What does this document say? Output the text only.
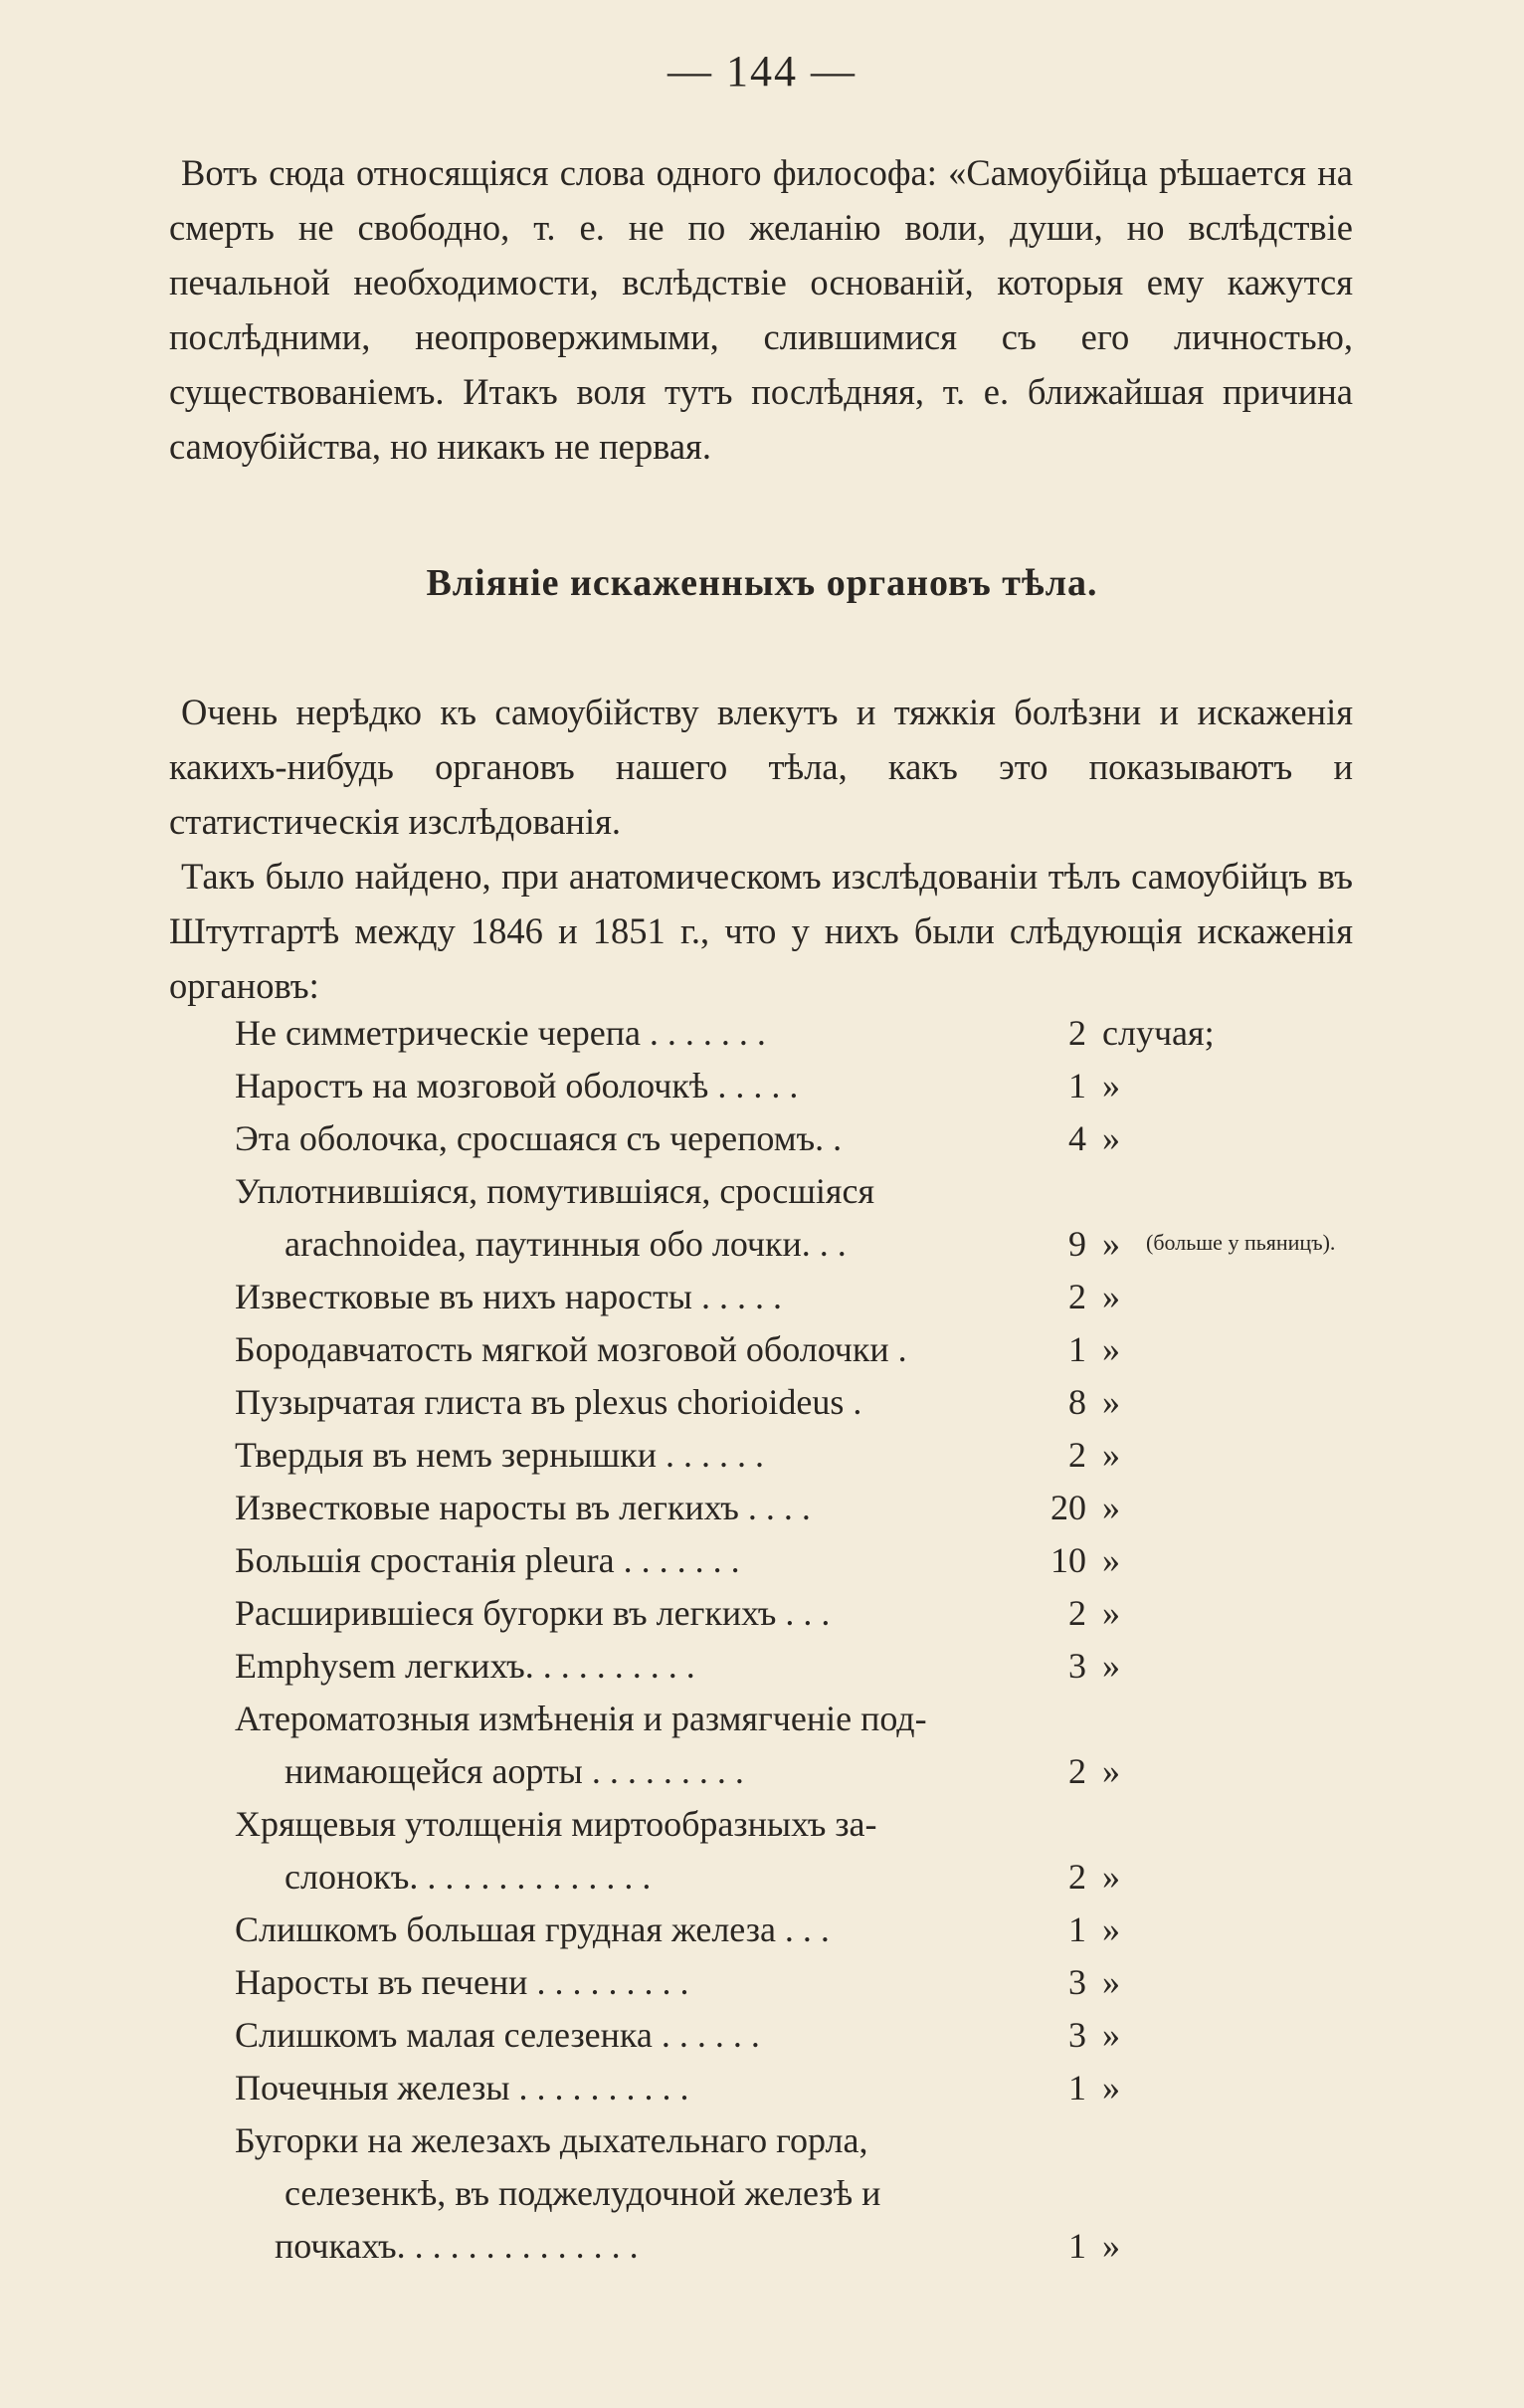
— 144 —

Вотъ сюда относящіяся слова одного философа: «Самоубійца рѣшается на смерть не свободно, т. е. не по желанію воли, души, но вслѣдствіе печальной необходимости, вслѣдствіе основаній, которыя ему кажутся послѣдними, неопровержимыми, слившимися съ его личностью, существованіемъ. Итакъ воля тутъ послѣдняя, т. е. ближайшая причина самоубійства, но никакъ не первая.

Вліяніе искаженныхъ органовъ тѣла.

Очень нерѣдко къ самоубійству влекутъ и тяжкія болѣзни и искаженія какихъ-нибудь органовъ нашего тѣла, какъ это показываютъ и статистическія изслѣдованія.

Такъ было найдено, при анатомическомъ изслѣдованіи тѣлъ самоубійцъ въ Штутгартѣ между 1846 и 1851 г., что у нихъ были слѣдующія искаженія органовъ:

Не симметрическіе черепа . . . . . . .	2 случая;
Наростъ на мозговой оболочкѣ . . . . .	1 »
Эта оболочка, сросшаяся съ черепомъ. .	4 »
Уплотнившіяся, помутившіяся, сросшіяся
arachnoidea, паутинныя обо лочки. . .	9 » (больше у пьяницъ).
Известковые въ нихъ наросты . . . . .	2 »
Бородавчатость мягкой мозговой оболочки .	1 »
Пузырчатая глиста въ plexus chorioideus .	8 »
Твердыя въ немъ зернышки . . . . . .	2 »
Известковые наросты въ легкихъ . . . .	20 »
Большія сростанія pleura . . . . . . .	10 »
Расширившіеся бугорки въ легкихъ . . .	2 »
Emphysem легкихъ. . . . . . . . . .	3 »
Атероматозныя измѣненія и размягченіе под-
нимающейся аорты . . . . . . . . .	2 »
Хрящевыя утолщенія миртообразныхъ за-
слонокъ. . . . . . . . . . . . . .	2 »
Слишкомъ большая грудная железа . . .	1 »
Наросты въ печени . . . . . . . . .	3 »
Слишкомъ малая селезенка . . . . . .	3 »
Почечныя железы . . . . . . . . . .	1 »
Бугорки на железахъ дыхательнаго горла,
селезенкѣ, въ поджелудочной железѣ и
почкахъ. . . . . . . . . . . . . .	1 »
